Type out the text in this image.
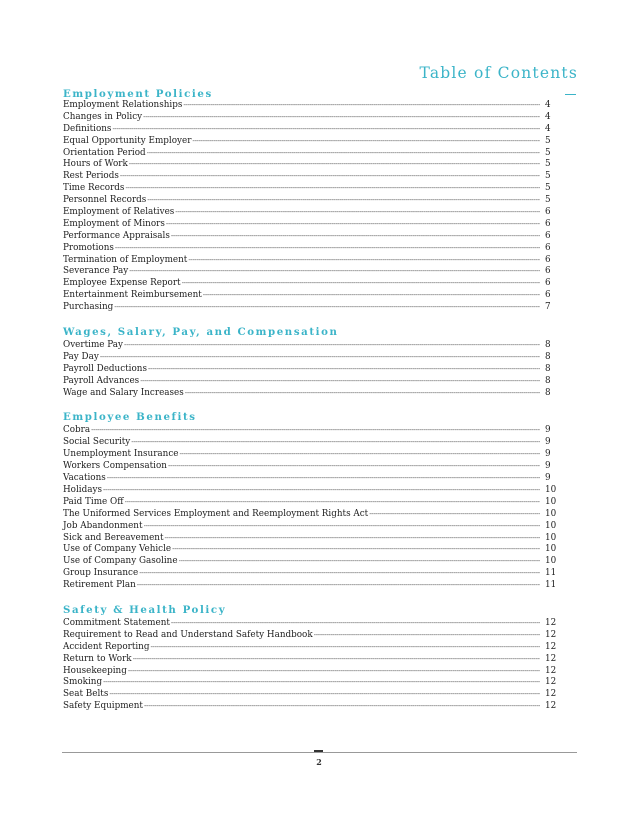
Table of Contents
Employment Policies
Employment Relationships -----	4
Changes in Policy -----	4
Definitions -----	4
Equal Opportunity Employer -----	5
Orientation Period -----	5
Hours of Work -----	5
Rest Periods -----	5
Time Records -----	5
Personnel Records -----	5
Employment of Relatives -----	6
Employment of Minors -----	6
Performance Appraisals -----	6
Promotions -----	6
Termination of Employment -----	6
Severance Pay -----	6
Employee Expense Report -----	6
Entertainment Reimbursement -----	6
Purchasing -----	7
Wages, Salary, Pay, and Compensation
Overtime Pay -----	8
Pay Day -----	8
Payroll Deductions -----	8
Payroll Advances -----	8
Wage and Salary Increases -----	8
Employee Benefits
Cobra -----	9
Social Security -----	9
Unemployment Insurance -----	9
Workers Compensation -----	9
Vacations -----	9
Holidays -----	10
Paid Time Off -----	10
The Uniformed Services Employment and Reemployment Rights Act -----	10
Job Abandonment -----	10
Sick and Bereavement -----	10
Use of Company Vehicle -----	10
Use of Company Gasoline -----	10
Group Insurance -----	11
Retirement Plan -----	11
Safety & Health Policy
Commitment Statement -----	12
Requirement to Read and Understand Safety Handbook -----	12
Accident Reporting -----	12
Return to Work -----	12
Housekeeping -----	12
Smoking -----	12
Seat Belts -----	12
Safety Equipment -----	12
2
